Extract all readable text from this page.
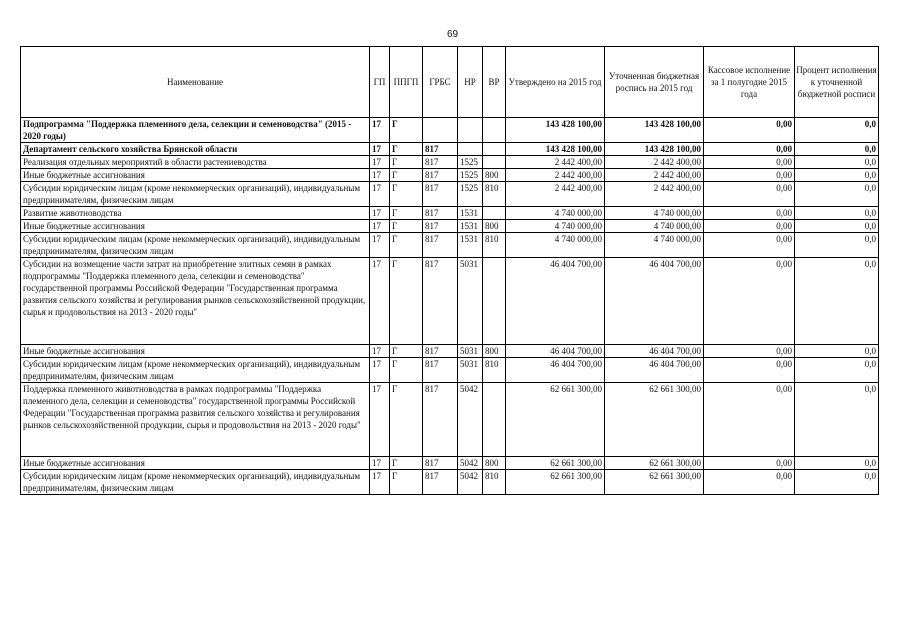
69
Наименование	ГП	ППГП	ГРБС	НР	ВР	Утверждено на 2015 год	Уточненная бюджетная роспись на 2015 год	Кассовое исполнение за 1 полугодие 2015 года	Процент исполнения к уточненной бюджетной росписи
Подпрограмма "Поддержка племенного дела, селекции и семеноводства" (2015 - 2020 годы)	17	Г				143 428 100,00	143 428 100,00	0,00	0,0
Департамент сельского хозяйства Брянской области	17	Г	817			143 428 100,00	143 428 100,00	0,00	0,0
Реализация отдельных мероприятий в области растениеводства	17	Г	817	1525		2 442 400,00	2 442 400,00	0,00	0,0
Иные бюджетные ассигнования	17	Г	817	1525	800	2 442 400,00	2 442 400,00	0,00	0,0
Субсидии юридическим лицам (кроме некоммерческих организаций), индивидуальным предпринимателям, физическим лицам	17	Г	817	1525	810	2 442 400,00	2 442 400,00	0,00	0,0
Развитие животноводства	17	Г	817	1531		4 740 000,00	4 740 000,00	0,00	0,0
Иные бюджетные ассигнования	17	Г	817	1531	800	4 740 000,00	4 740 000,00	0,00	0,0
Субсидии юридическим лицам (кроме некоммерческих организаций), индивидуальным предпринимателям, физическим лицам	17	Г	817	1531	810	4 740 000,00	4 740 000,00	0,00	0,0
Субсидии на возмещение части затрат на приобретение элитных семян в рамках подпрограммы "Поддержка племенного дела, селекции и семеноводства" государственной программы Российской Федерации "Государственная программа развития сельского хозяйства и регулирования рынков сельскохозяйственной продукции, сырья и продовольствия на 2013 - 2020 годы"	17	Г	817	5031		46 404 700,00	46 404 700,00	0,00	0,0
Иные бюджетные ассигнования	17	Г	817	5031	800	46 404 700,00	46 404 700,00	0,00	0,0
Субсидии юридическим лицам (кроме некоммерческих организаций), индивидуальным предпринимателям, физическим лицам	17	Г	817	5031	810	46 404 700,00	46 404 700,00	0,00	0,0
Поддержка племенного животноводства в рамках подпрограммы "Поддержка племенного дела, селекции и семеноводства" государственной программы Российской Федерации "Государственная программа развития сельского хозяйства и регулирования рынков сельскохозяйственной продукции, сырья и продовольствия на 2013 - 2020 годы"	17	Г	817	5042		62 661 300,00	62 661 300,00	0,00	0,0
Иные бюджетные ассигнования	17	Г	817	5042	800	62 661 300,00	62 661 300,00	0,00	0,0
Субсидии юридическим лицам (кроме некоммерческих организаций), индивидуальным предпринимателям, физическим лицам	17	Г	817	5042	810	62 661 300,00	62 661 300,00	0,00	0,0
